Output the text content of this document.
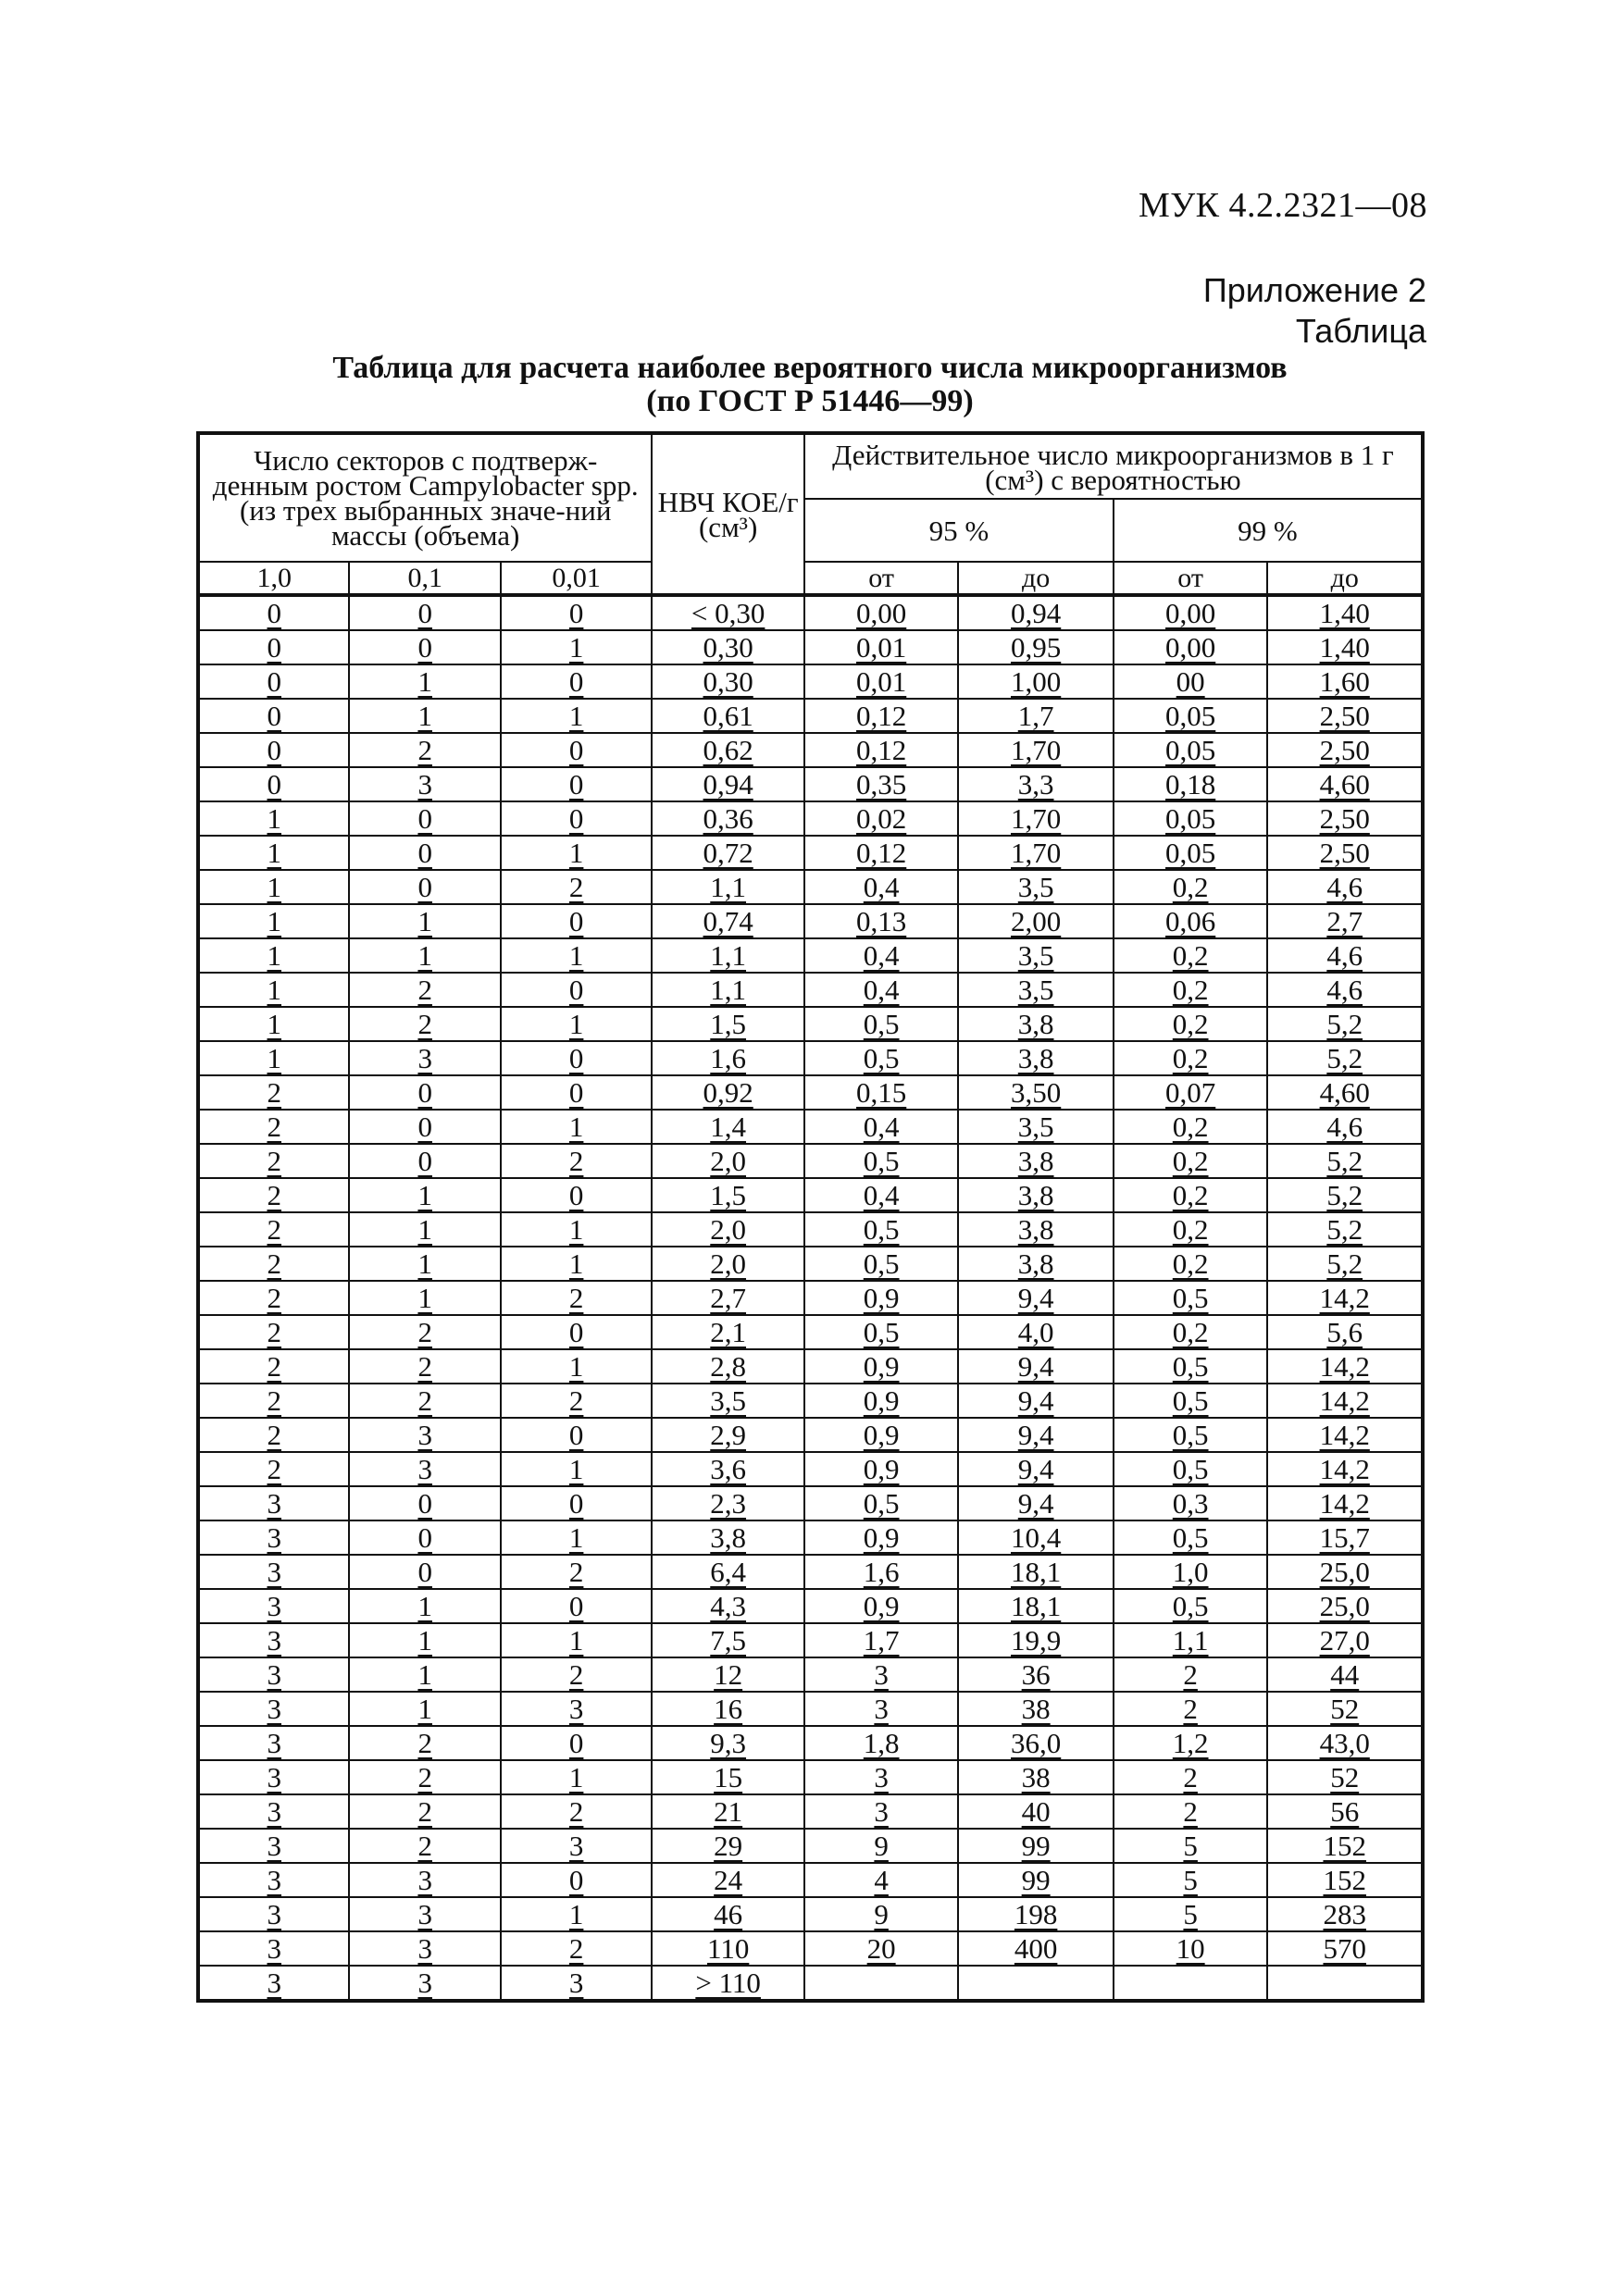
МУК 4.2.2321—08
Приложение 2
Таблица
Таблица для расчета наиболее вероятного числа микроорганизмов
(по ГОСТ Р 51446—99)
Число секторов с подтверж-денным ростом Campylobacter spp. (из трех выбранных значе-ний массы (объема)			НВЧ КОЕ/г (см³)	Действительное число микроорганизмов в 1 г (см³) с вероятностью			
				95 %		99 %	
1,0	0,1	0,01		от	до	от	до
0	0	0	< 0,30	0,00	0,94	0,00	1,40
0	0	1	0,30	0,01	0,95	0,00	1,40
0	1	0	0,30	0,01	1,00	00	1,60
0	1	1	0,61	0,12	1,7	0,05	2,50
0	2	0	0,62	0,12	1,70	0,05	2,50
0	3	0	0,94	0,35	3,3	0,18	4,60
1	0	0	0,36	0,02	1,70	0,05	2,50
1	0	1	0,72	0,12	1,70	0,05	2,50
1	0	2	1,1	0,4	3,5	0,2	4,6
1	1	0	0,74	0,13	2,00	0,06	2,7
1	1	1	1,1	0,4	3,5	0,2	4,6
1	2	0	1,1	0,4	3,5	0,2	4,6
1	2	1	1,5	0,5	3,8	0,2	5,2
1	3	0	1,6	0,5	3,8	0,2	5,2
2	0	0	0,92	0,15	3,50	0,07	4,60
2	0	1	1,4	0,4	3,5	0,2	4,6
2	0	2	2,0	0,5	3,8	0,2	5,2
2	1	0	1,5	0,4	3,8	0,2	5,2
2	1	1	2,0	0,5	3,8	0,2	5,2
2	1	1	2,0	0,5	3,8	0,2	5,2
2	1	2	2,7	0,9	9,4	0,5	14,2
2	2	0	2,1	0,5	4,0	0,2	5,6
2	2	1	2,8	0,9	9,4	0,5	14,2
2	2	2	3,5	0,9	9,4	0,5	14,2
2	3	0	2,9	0,9	9,4	0,5	14,2
2	3	1	3,6	0,9	9,4	0,5	14,2
3	0	0	2,3	0,5	9,4	0,3	14,2
3	0	1	3,8	0,9	10,4	0,5	15,7
3	0	2	6,4	1,6	18,1	1,0	25,0
3	1	0	4,3	0,9	18,1	0,5	25,0
3	1	1	7,5	1,7	19,9	1,1	27,0
3	1	2	12	3	36	2	44
3	1	3	16	3	38	2	52
3	2	0	9,3	1,8	36,0	1,2	43,0
3	2	1	15	3	38	2	52
3	2	2	21	3	40	2	56
3	2	3	29	9	99	5	152
3	3	0	24	4	99	5	152
3	3	1	46	9	198	5	283
3	3	2	110	20	400	10	570
3	3	3	> 110				
